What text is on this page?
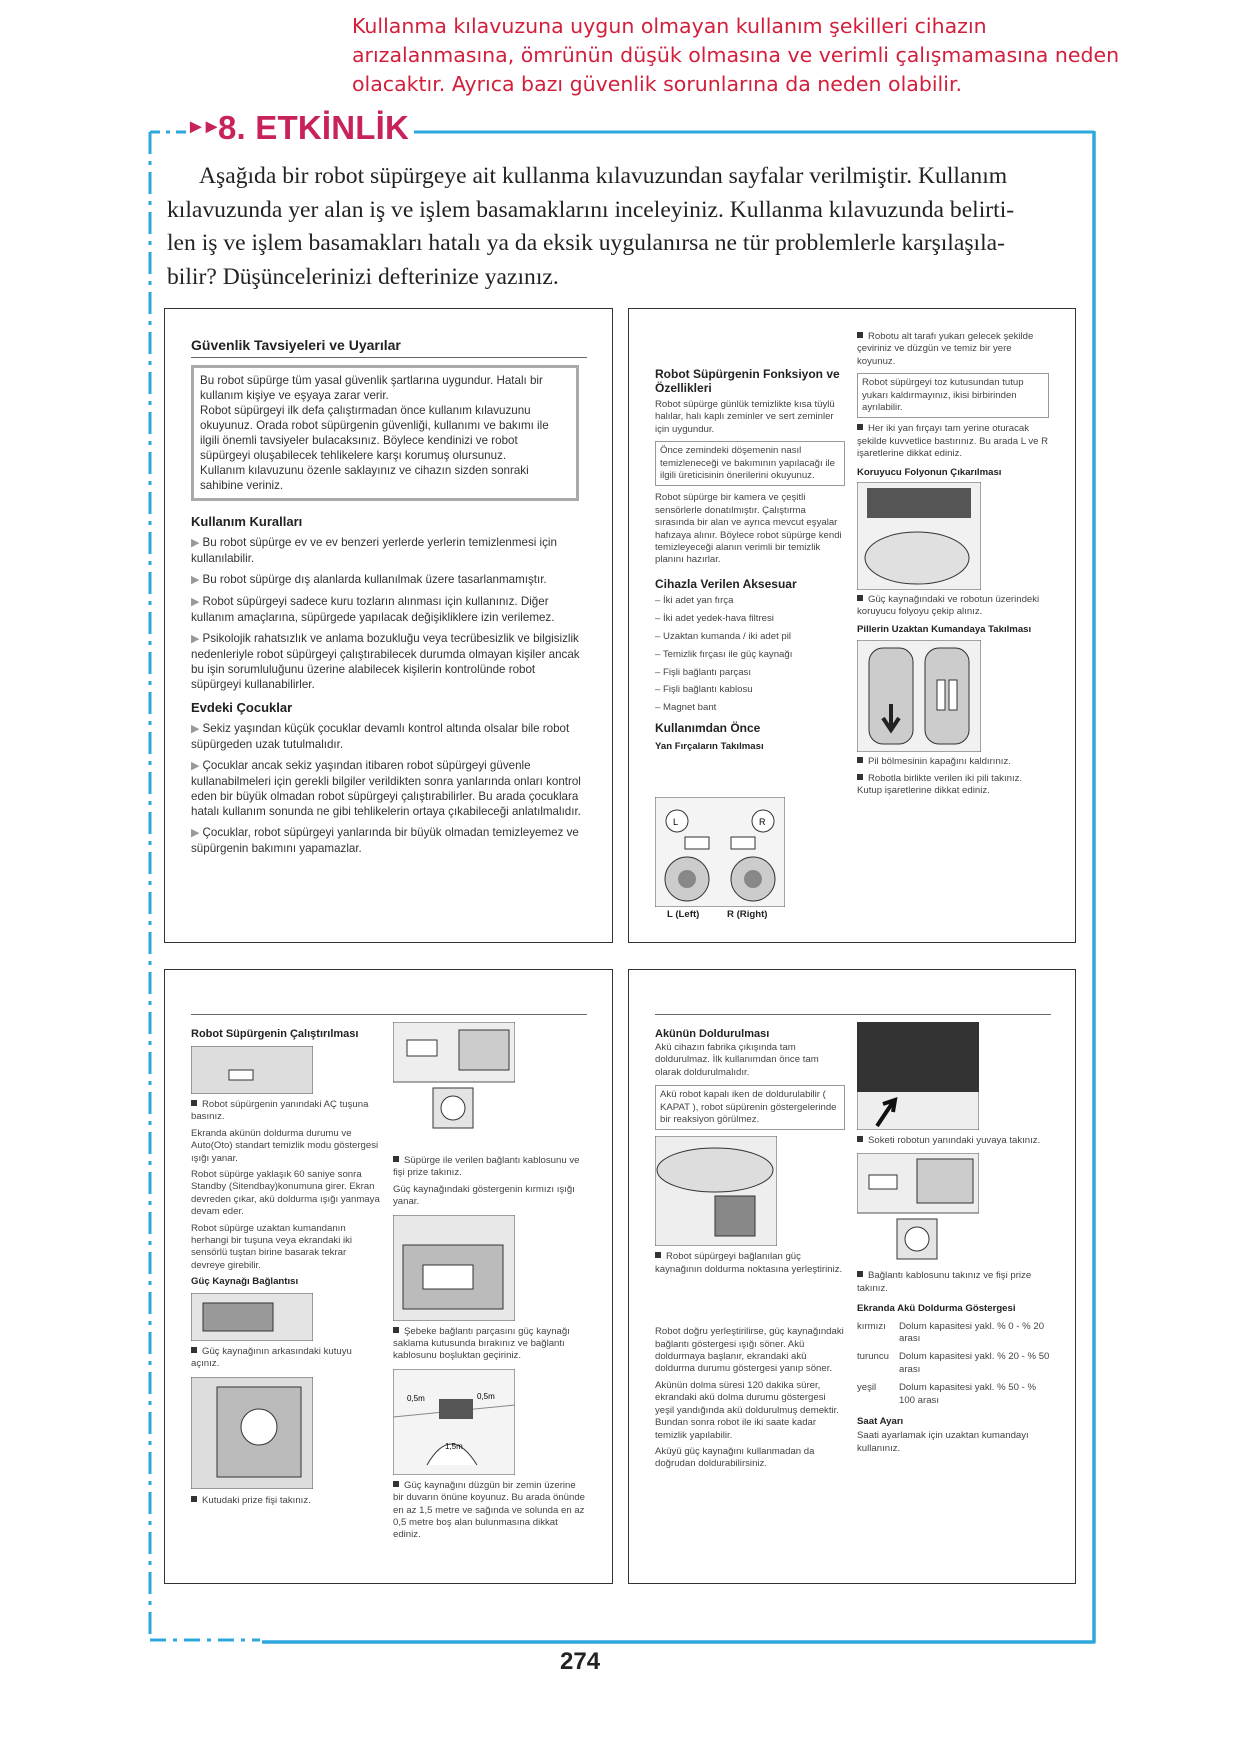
Kullanma kılavuzuna uygun olmayan kullanım şekilleri cihazın arızalanmasına, ömrünün düşük olmasına ve verimli çalışmamasına neden olacaktır. Ayrıca bazı güvenlik sorunlarına da neden olabilir.
►► 8. ETKİNLİK
Aşağıda bir robot süpürgeye ait kullanma kılavuzundan sayfalar verilmiştir. Kullanım
kılavuzunda yer alan iş ve işlem basamaklarını inceleyiniz. Kullanma kılavuzunda belirti-
len iş ve işlem basamakları hatalı ya da eksik uygulanırsa ne tür problemlerle karşılaşıla-
bilir? Düşüncelerinizi defterinize yazınız.
Güvenlik Tavsiyeleri ve Uyarılar
Bu robot süpürge tüm yasal güvenlik şartlarına uygundur. Hatalı bir kullanım kişiye ve eşyaya zarar verir.
Robot süpürgeyi ilk defa çalıştırmadan önce kullanım kılavuzunu okuyunuz. Orada robot süpürgenin güvenliği, kullanımı ve bakımı ile ilgili önemli tavsiyeler bulacaksınız. Böylece kendinizi ve robot süpürgeyi oluşabilecek tehlikelere karşı korumuş olursunuz.
Kullanım kılavuzunu özenle saklayınız ve cihazın sizden sonraki sahibine veriniz.
Kullanım Kuralları
▶ Bu robot süpürge ev ve ev benzeri yerlerde yerlerin temizlenmesi için kullanılabilir.
▶ Bu robot süpürge dış alanlarda kullanılmak üzere tasarlanmamıştır.
▶ Robot süpürgeyi sadece kuru tozların alınması için kullanınız. Diğer kullanım amaçlarına, süpürgede yapılacak değişikliklere izin verilemez.
▶ Psikolojik rahatsızlık ve anlama bozukluğu veya tecrübesizlik ve bilgisizlik nedenleriyle robot süpürgeyi çalıştırabilecek durumda olmayan kişiler ancak bu işin sorumluluğunu üzerine alabilecek kişilerin kontrolünde robot süpürgeyi kullanabilirler.
Evdeki Çocuklar
▶ Sekiz yaşından küçük çocuklar devamlı kontrol altında olsalar bile robot süpürgeden uzak tutulmalıdır.
▶ Çocuklar ancak sekiz yaşından itibaren robot süpürgeyi güvenle kullanabilmeleri için gerekli bilgiler verildikten sonra yanlarında onları kontrol eden bir büyük olmadan robot süpürgeyi çalıştırabilirler. Bu arada çocuklara hatalı kullanım sonunda ne gibi tehlikelerin ortaya çıkabileceği anlatılmalıdır.
▶ Çocuklar, robot süpürgeyi yanlarında bir büyük olmadan temizleyemez ve süpürgenin bakımını yapamazlar.
Robot Süpürgenin Fonksiyon ve Özellikleri
Robot süpürge günlük temizlikte kısa tüylü halılar, halı kaplı zeminler ve sert zeminler için uygundur.
Önce zemindeki döşemenin nasıl temizleneceği ve bakımının yapılacağı ile ilgili üreticisinin önerilerini okuyunuz.
Robot süpürge bir kamera ve çeşitli sensörlerle donatılmıştır. Çalıştırma sırasında bir alan ve ayrıca mevcut eşyalar hafızaya alınır. Böylece robot süpürge kendi temizleyeceği alanın verimli bir temizlik planını hazırlar.
Cihazla Verilen Aksesuar
– İki adet yan fırça
– İki adet yedek-hava filtresi
– Uzaktan kumanda / iki adet pil
– Temizlik fırçası ile güç kaynağı
– Fişli bağlantı parçası
– Fişli bağlantı kablosu
– Magnet bant
Kullanımdan Önce
Yan Fırçaların Takılması
L	R
L (Left)	R (Right)
Robotu alt tarafı yukarı gelecek şekilde çeviriniz ve düzgün ve temiz bir yere koyunuz.
Robot süpürgeyi toz kutusundan tutup yukarı kaldırmayınız, ikisi birbirinden ayrılabilir.
Her iki yan fırçayı tam yerine oturacak şekilde kuvvetlice bastırınız. Bu arada L ve R işaretlerine dikkat ediniz.
Koruyucu Folyonun Çıkarılması
Güç kaynağındaki ve robotun üzerindeki koruyucu folyoyu çekip alınız.
Pillerin Uzaktan Kumandaya Takılması
Pil bölmesinin kapağını kaldırınız.
Robotla birlikte verilen iki pili takınız. Kutup işaretlerine dikkat ediniz.
Robot Süpürgenin Çalıştırılması
Robot süpürgenin yanındaki AÇ tuşuna basınız.
Ekranda akünün doldurma durumu ve Auto(Oto) standart temizlik modu göstergesi ışığı yanar.
Robot süpürge yaklaşık 60 saniye sonra Standby (Sitendbay)konumuna girer. Ekran devreden çıkar, akü doldurma ışığı yanmaya devam eder.
Robot süpürge uzaktan kumandanın herhangi bir tuşuna veya ekrandaki iki sensörlü tuştan birine basarak tekrar devreye girebilir.
Güç Kaynağı Bağlantısı
Güç kaynağının arkasındaki kutuyu açınız.
Kutudaki prize fişi takınız.
Süpürge ile verilen bağlantı kablosunu ve fişi prize takınız.
Güç kaynağındaki göstergenin kırmızı ışığı yanar.
Şebeke bağlantı parçasını güç kaynağı saklama kutusunda bırakınız ve bağlantı kablosunu boşluktan geçiriniz.
0,5m	0,5m
1,5m
Güç kaynağını düzgün bir zemin üzerine bir duvarın önüne koyunuz. Bu arada önünde en az 1,5 metre ve sağında ve solunda en az 0,5 metre boş alan bulunmasına dikkat ediniz.
Akünün Doldurulması
Akü cihazın fabrika çıkışında tam doldurulmaz. İlk kullanımdan önce tam olarak doldurulmalıdır.
Akü robot kapalı iken de doldurulabilir ( KAPAT ), robot süpürenin göstergelerinde bir reaksiyon görülmez.
Robot süpürgeyi bağlanılan güç kaynağının doldurma noktasına yerleştiriniz.
Robot doğru yerleştirilirse, güç kaynağındaki bağlantı göstergesi ışığı söner. Akü doldurmaya başlanır, ekrandaki akü doldurma durumu göstergesi yanıp söner.
Akünün dolma süresi 120 dakika sürer, ekrandaki akü dolma durumu göstergesi yeşil yandığında akü doldurulmuş demektir. Bundan sonra robot ile iki saate kadar temizlik yapılabilir.
Aküyü güç kaynağını kullanmadan da doğrudan doldurabilirsiniz.
Soketi robotun yanındaki yuvaya takınız.
Bağlantı kablosunu takınız ve fişi prize takınız.
Ekranda Akü Doldurma Göstergesi
kırmızı	Dolum kapasitesi yakl. % 0 - % 20 arası
turuncu	Dolum kapasitesi yakl. % 20 - % 50 arası
yeşil	Dolum kapasitesi yakl. % 50 - % 100 arası
Saat Ayarı
Saati ayarlamak için uzaktan kumandayı kullanınız.
274
